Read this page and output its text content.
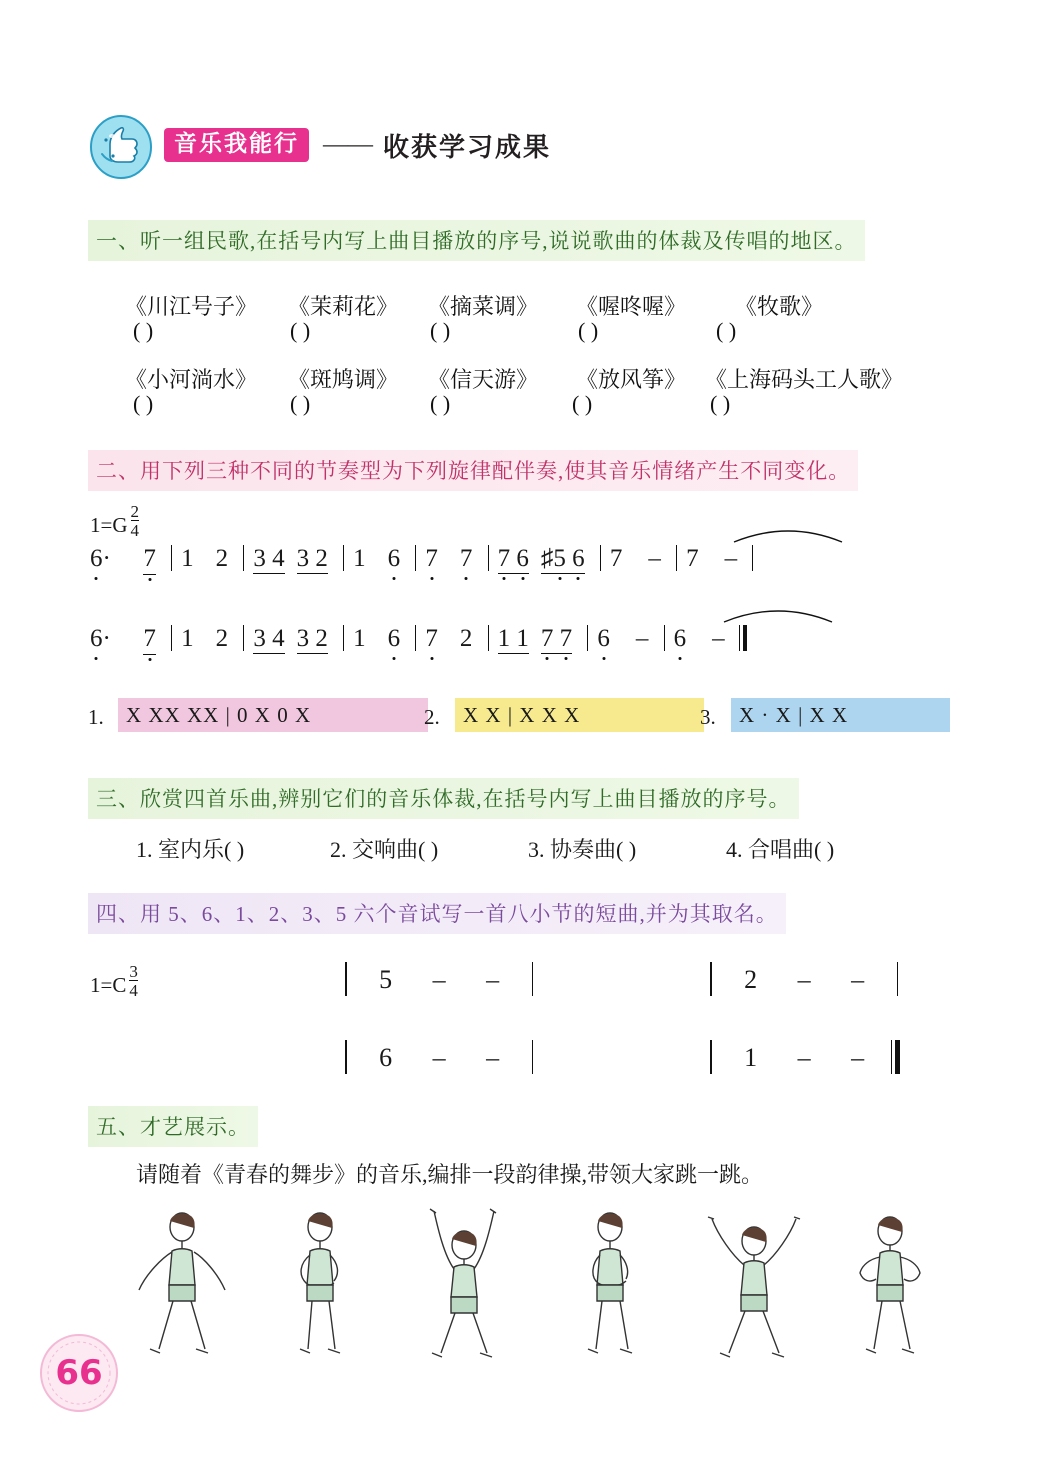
音乐我能行 —— 收获学习成果
一、听一组民歌,在括号内写上曲目播放的序号,说说歌曲的体裁及传唱的地区。
《川江号子》 《茉莉花》 《摘菜调》 《喔咚喔》 《牧歌》
( )	( )	( )	( )	( )
《小河淌水》 《斑鸠调》 《信天游》 《放风筝》 《上海码头工人歌》
( )	( )	( )	( )	( )
二、用下列三种不同的节奏型为下列旋律配伴奏,使其音乐情绪产生不同变化。
$1=G \frac{2}{4}$
6· 7 1 2 3 4 3 2 1 6 7 7 7 6 ♯5 6 7 – 7 –
6· 7 1 2 3 4 3 2 1 6 7 2 1 1 7 7 6 – 6 –
1. X XX XX | 0 X 0 X	2. X X | X X X	3. X · X | X X
三、欣赏四首乐曲,辨别它们的音乐体裁,在括号内写上曲目播放的序号。
1. 室内乐( )	2. 交响曲( )	3. 协奏曲( )	4. 合唱曲( )
四、用 5、6、1、2、3、5 六个音试写一首八小节的短曲,并为其取名。
$1=C \frac{3}{4}$	5 – –	2 – –
6 – –	1 – –
五、才艺展示。
请随着《青春的舞步》的音乐,编排一段韵律操,带领大家跳一跳。
66
